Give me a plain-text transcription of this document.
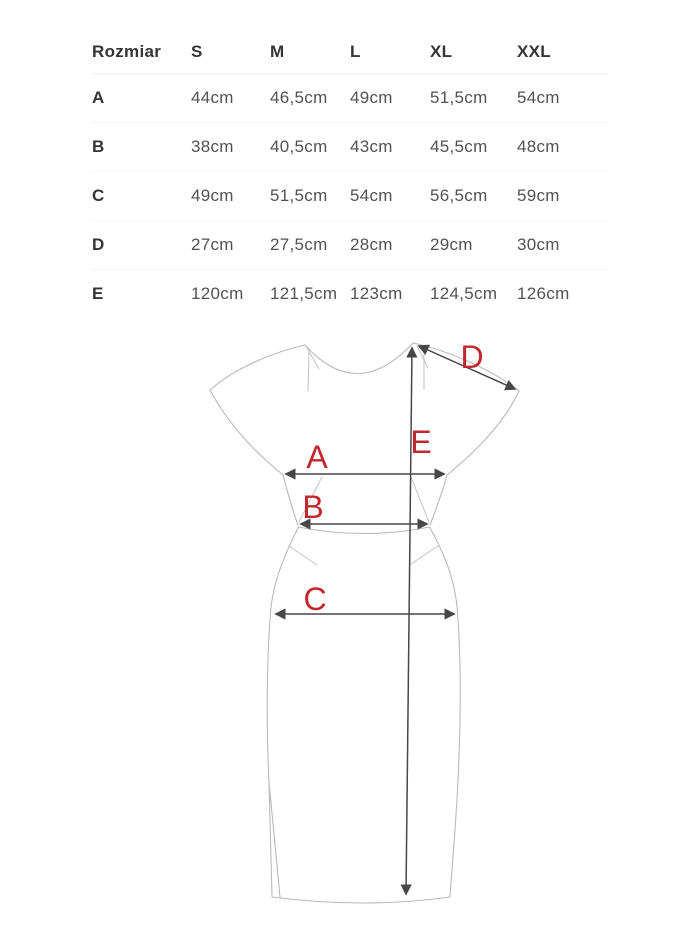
Rozmiar	S	M	L	XL	XXL
A	44cm	46,5cm	49cm	51,5cm	54cm
B	38cm	40,5cm	43cm	45,5cm	48cm
C	49cm	51,5cm	54cm	56,5cm	59cm
D	27cm	27,5cm	28cm	29cm	30cm
E	120cm	121,5cm 123cm	124,5cm	126cm
A
B
C
D
E
